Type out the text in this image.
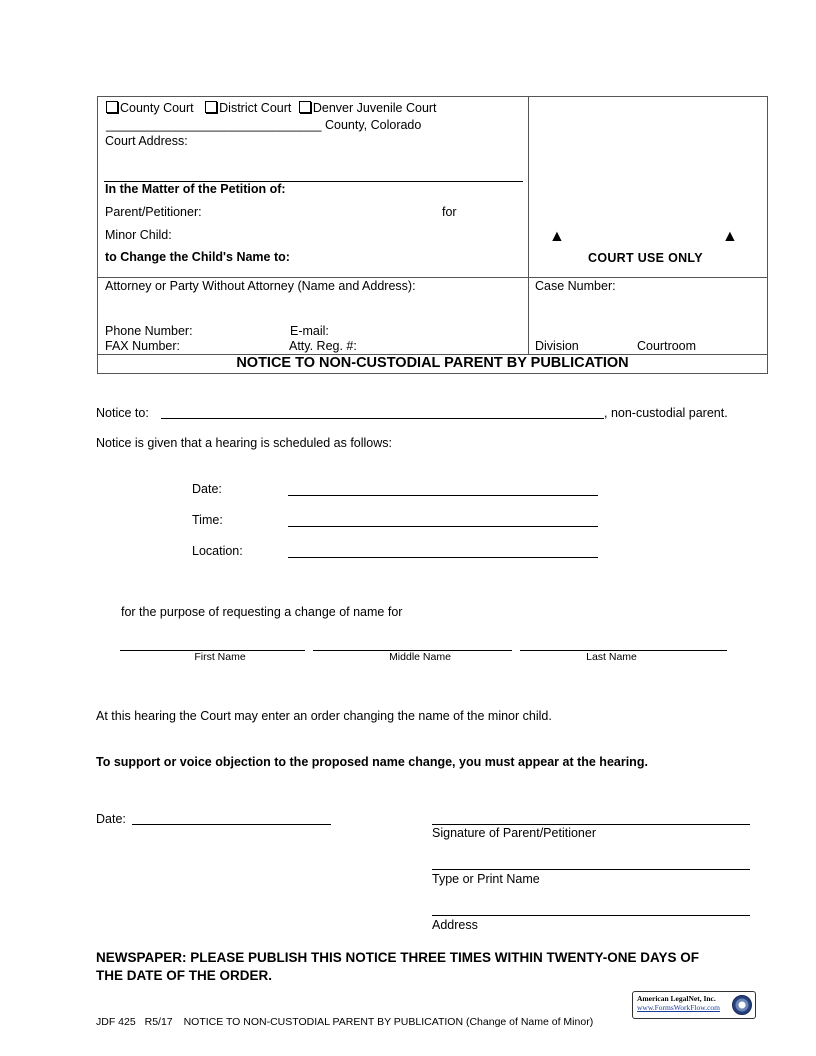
County Court District Court Denver Juvenile Court
_______________________________ County, Colorado
Court Address:
In the Matter of the Petition of:
Parent/Petitioner:	for
Minor Child:
to Change the Child's Name to:
▲	▲
COURT USE ONLY
Attorney or Party Without Attorney (Name and Address):
Phone Number:	E-mail:
FAX Number:	Atty. Reg. #:
Case Number:
Division	Courtroom
NOTICE TO NON-CUSTODIAL PARENT BY PUBLICATION
Notice to:	, non-custodial parent.
Notice is given that a hearing is scheduled as follows:
Date:
Time:
Location:
for the purpose of requesting a change of name for
First Name	Middle Name	Last Name
At this hearing the Court may enter an order changing the name of the minor child.
To support or voice objection to the proposed name change, you must appear at the hearing.
Date:
Signature of Parent/Petitioner
Type or Print Name
Address
NEWSPAPER: PLEASE PUBLISH THIS NOTICE THREE TIMES WITHIN TWENTY-ONE DAYS OF
THE DATE OF THE ORDER.
American LegalNet, Inc.
www.FormsWorkFlow.com
JDF 425 R5/17 NOTICE TO NON-CUSTODIAL PARENT BY PUBLICATION (Change of Name of Minor)
